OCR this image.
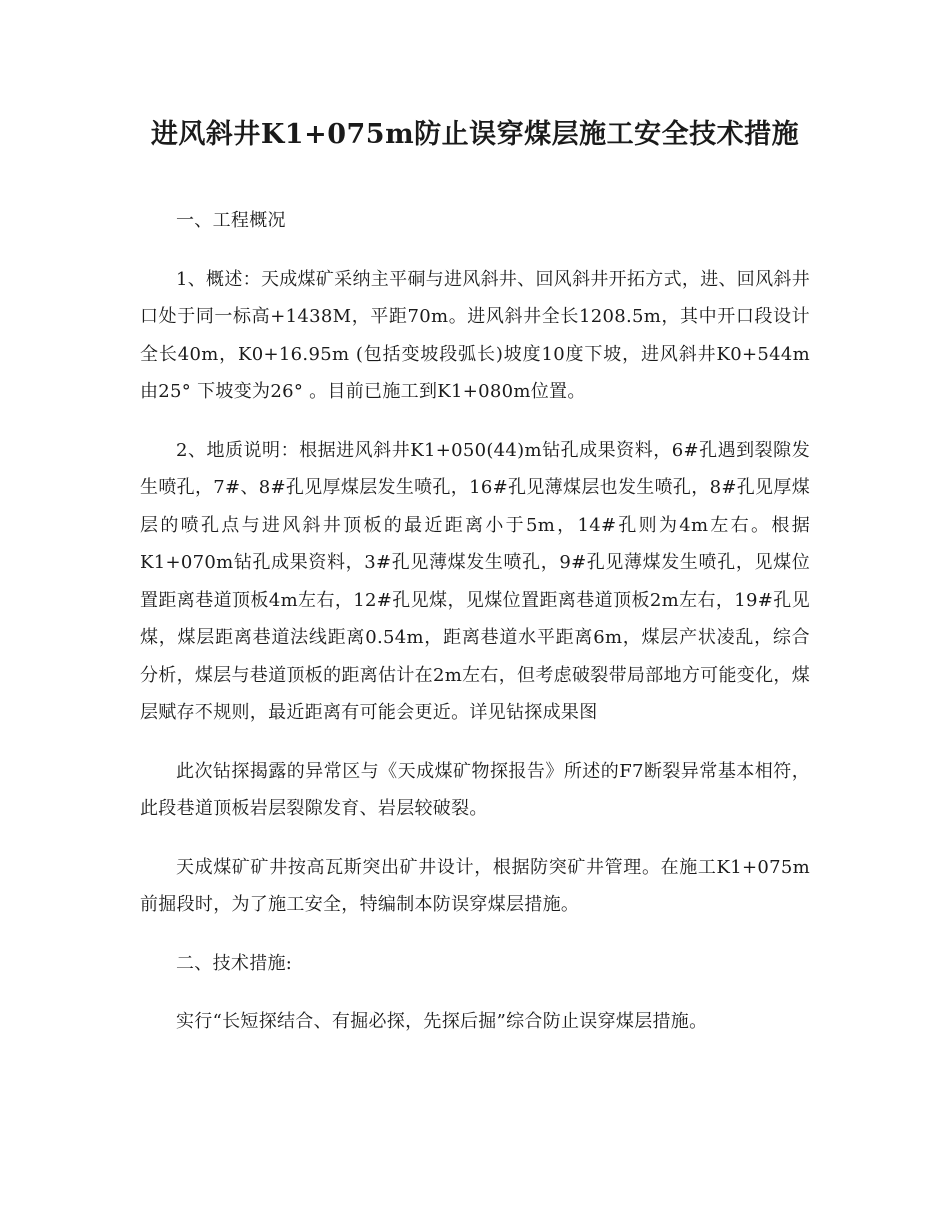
进风斜井K1+075m防止误穿煤层施工安全技术措施

一、工程概况

1、概述：天成煤矿采纳主平硐与进风斜井、回风斜井开拓方式，进、回风斜井口处于同一标高+1438M，平距70m。进风斜井全长1208.5m，其中开口段设计全长40m，K0+16.95m (包括变坡段弧长)坡度10度下坡，进风斜井K0+544m由25° 下坡变为26° 。目前已施工到K1+080m位置。

2、地质说明：根据进风斜井K1+050(44)m钻孔成果资料，6#孔遇到裂隙发生喷孔，7#、8#孔见厚煤层发生喷孔，16#孔见薄煤层也发生喷孔，8#孔见厚煤层的喷孔点与进风斜井顶板的最近距离小于5m，14#孔则为4m左右。根据K1+070m钻孔成果资料，3#孔见薄煤发生喷孔，9#孔见薄煤发生喷孔，见煤位置距离巷道顶板4m左右，12#孔见煤，见煤位置距离巷道顶板2m左右，19#孔见煤，煤层距离巷道法线距离0.54m，距离巷道水平距离6m，煤层产状凌乱，综合分析，煤层与巷道顶板的距离估计在2m左右，但考虑破裂带局部地方可能变化，煤层赋存不规则，最近距离有可能会更近。详见钻探成果图

此次钻探揭露的异常区与《天成煤矿物探报告》所述的F7断裂异常基本相符，此段巷道顶板岩层裂隙发育、岩层较破裂。

天成煤矿矿井按高瓦斯突出矿井设计，根据防突矿井管理。在施工K1+075m前掘段时，为了施工安全，特编制本防误穿煤层措施。

二、技术措施:

实行“长短探结合、有掘必探，先探后掘”综合防止误穿煤层措施。
